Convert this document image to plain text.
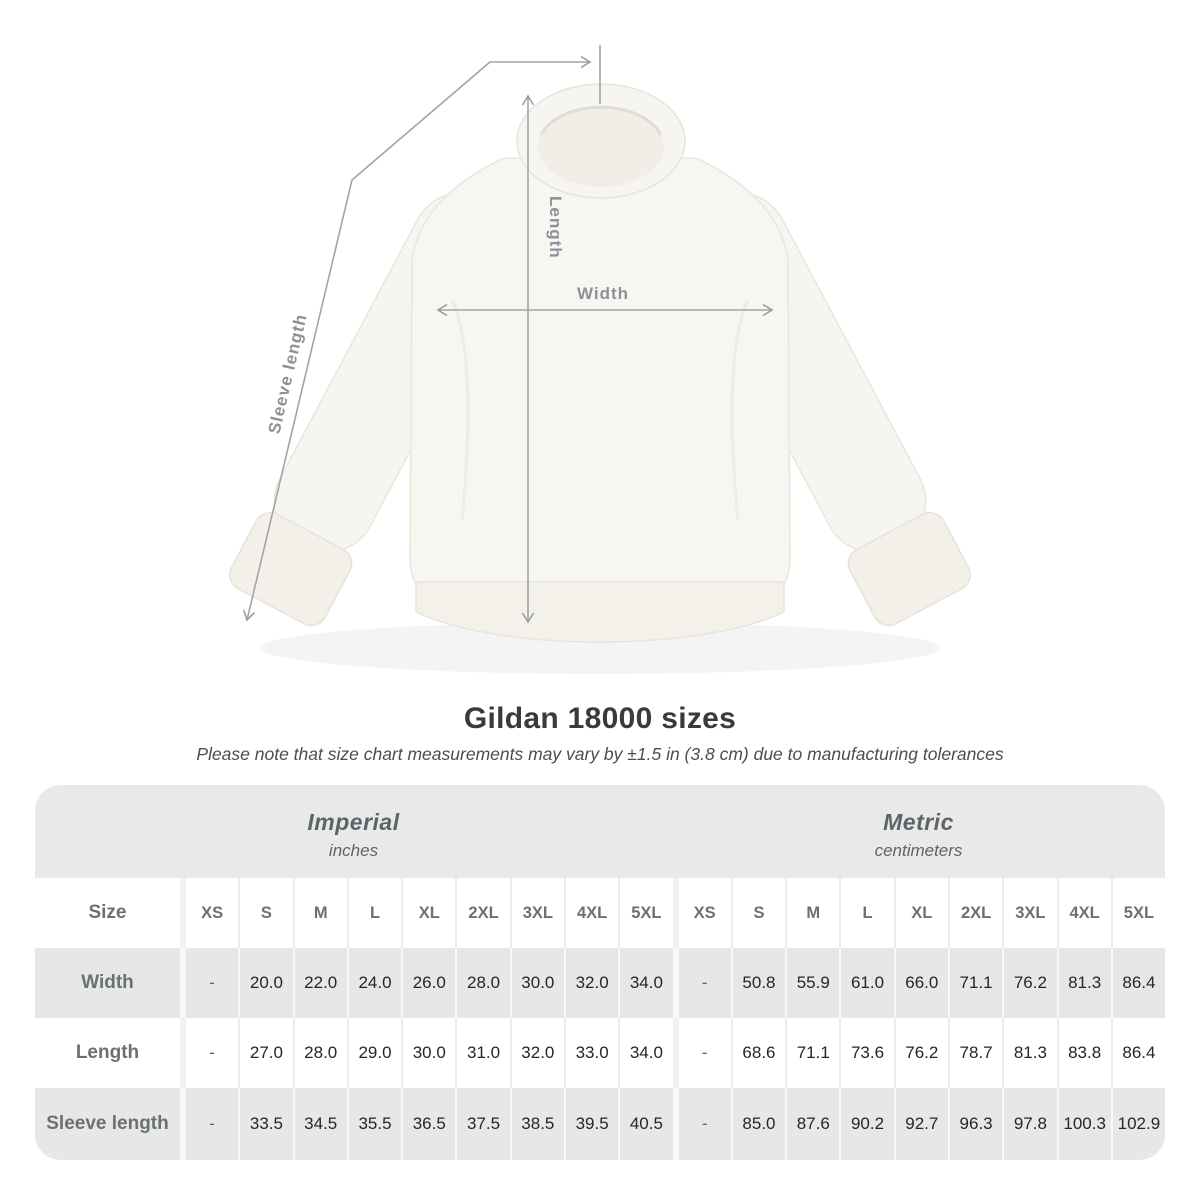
Length
Width
Sleeve length
Gildan 18000 sizes
Please note that size chart measurements may vary by ±1.5 in (3.8 cm) due to manufacturing tolerances
Imperial
inches
Metric
centimeters
Size	XS	S	M	L	XL	2XL	3XL	4XL	5XL	XS	S	M	L	XL	2XL	3XL	4XL	5XL
Width	-	20.0	22.0	24.0	26.0	28.0	30.0	32.0	34.0	-	50.8	55.9	61.0	66.0	71.1	76.2	81.3	86.4
Length	-	27.0	28.0	29.0	30.0	31.0	32.0	33.0	34.0	-	68.6	71.1	73.6	76.2	78.7	81.3	83.8	86.4
Sleeve length	-	33.5	34.5	35.5	36.5	37.5	38.5	39.5	40.5	-	85.0	87.6	90.2	92.7	96.3	97.8 100.3 102.9
